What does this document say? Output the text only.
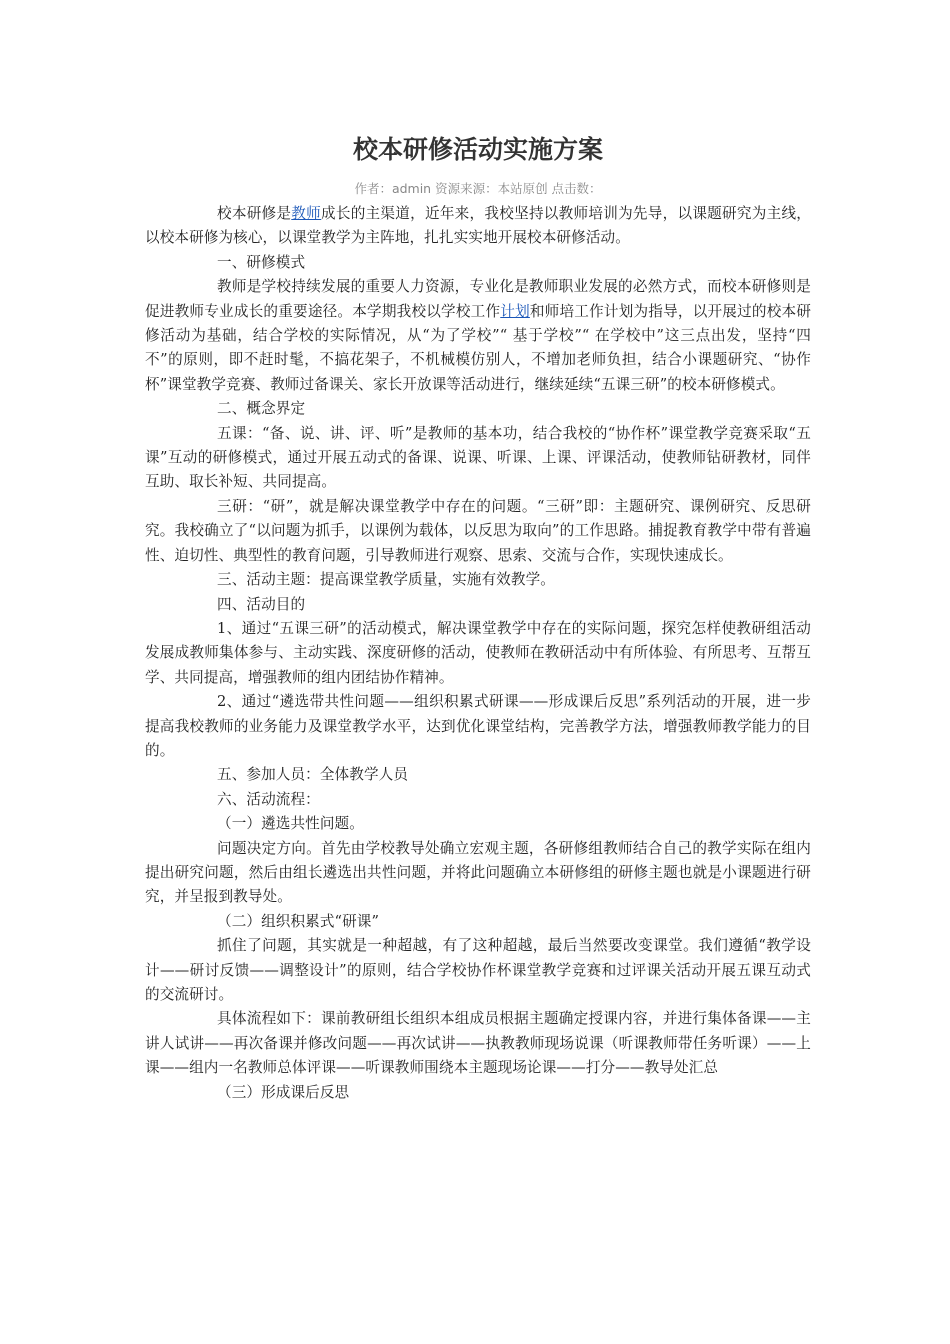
校本研修活动实施方案
作者：admin 资源来源：本站原创 点击数：

校本研修是教师成长的主渠道，近年来，我校坚持以教师培训为先导，以课题研究为主线，以校本研修为核心，以课堂教学为主阵地，扎扎实实地开展校本研修活动。

一、研修模式

教师是学校持续发展的重要人力资源，专业化是教师职业发展的必然方式，而校本研修则是促进教师专业成长的重要途径。本学期我校以学校工作计划和师培工作计划为指导，以开展过的校本研修活动为基础，结合学校的实际情况，从“为了学校”“ 基于学校”“ 在学校中”这三点出发，坚持“四不”的原则，即不赶时髦，不搞花架子，不机械模仿别人，不增加老师负担，结合小课题研究、“协作杯”课堂教学竞赛、教师过备课关、家长开放课等活动进行，继续延续“五课三研”的校本研修模式。

二、概念界定

五课：“备、说、讲、评、听”是教师的基本功，结合我校的“协作杯”课堂教学竞赛采取“五课”互动的研修模式，通过开展五动式的备课、说课、听课、上课、评课活动，使教师钻研教材，同伴互助、取长补短、共同提高。

三研：“研”，就是解决课堂教学中存在的问题。“三研”即：主题研究、课例研究、反思研究。我校确立了“以问题为抓手，以课例为载体，以反思为取向”的工作思路。捕捉教育教学中带有普遍性、迫切性、典型性的教育问题，引导教师进行观察、思索、交流与合作，实现快速成长。

三、活动主题：提高课堂教学质量，实施有效教学。

四、活动目的

1、通过“五课三研”的活动模式，解决课堂教学中存在的实际问题，探究怎样使教研组活动发展成教师集体参与、主动实践、深度研修的活动，使教师在教研活动中有所体验、有所思考、互帮互学、共同提高，增强教师的组内团结协作精神。

2、通过“遴选带共性问题——组织积累式研课——形成课后反思”系列活动的开展，进一步提高我校教师的业务能力及课堂教学水平，达到优化课堂结构，完善教学方法，增强教师教学能力的目的。

五、参加人员：全体教学人员

六、活动流程：

（一）遴选共性问题。

问题决定方向。首先由学校教导处确立宏观主题，各研修组教师结合自己的教学实际在组内提出研究问题，然后由组长遴选出共性问题，并将此问题确立本研修组的研修主题也就是小课题进行研究，并呈报到教导处。

（二）组织积累式“研课”

抓住了问题，其实就是一种超越，有了这种超越，最后当然要改变课堂。我们遵循“教学设计——研讨反馈——调整设计”的原则，结合学校协作杯课堂教学竞赛和过评课关活动开展五课互动式的交流研讨。

具体流程如下：课前教研组长组织本组成员根据主题确定授课内容，并进行集体备课——主讲人试讲——再次备课并修改问题——再次试讲——执教教师现场说课（听课教师带任务听课）——上课——组内一名教师总体评课——听课教师围绕本主题现场论课——打分——教导处汇总

（三）形成课后反思
